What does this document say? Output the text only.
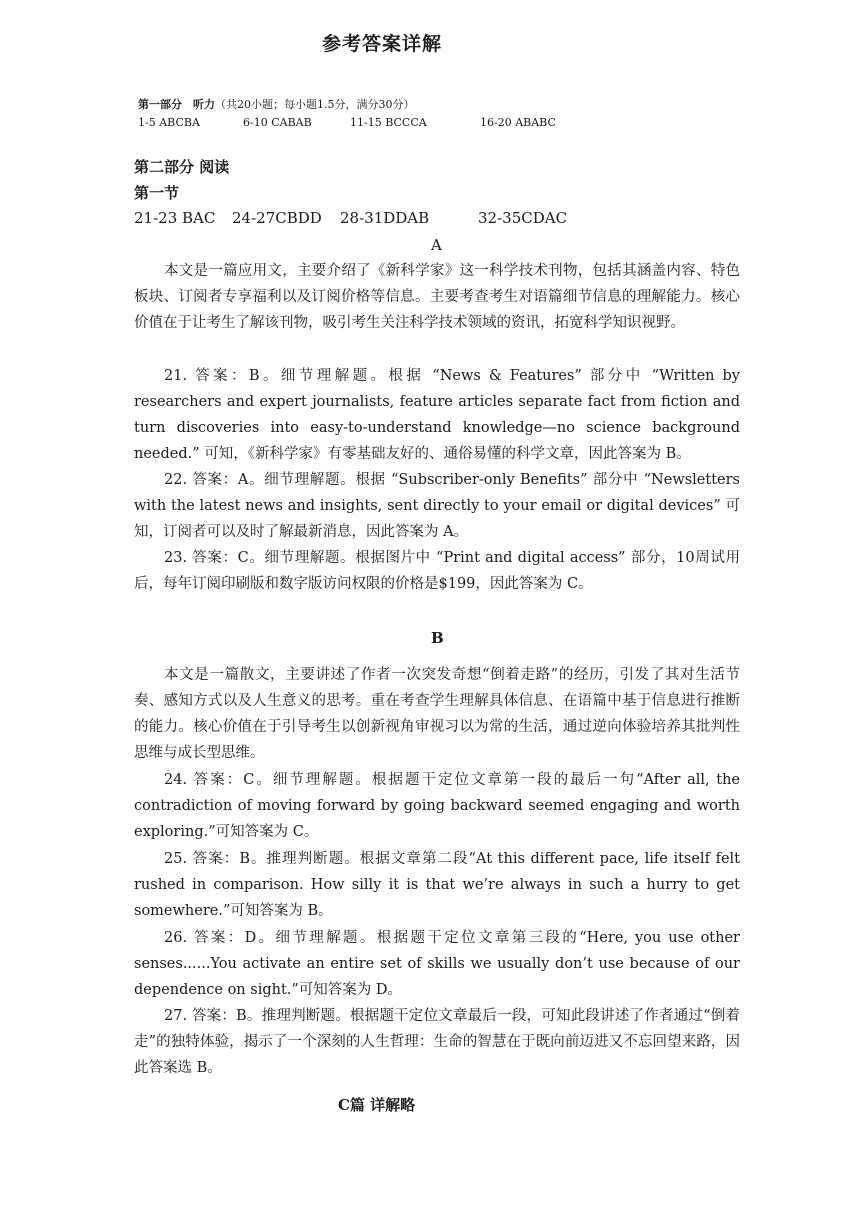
参考答案详解
第一部分　听力（共20小题；每小题1.5分，满分30分）
1-5 ABCBA	6-10 CABAB	11-15 BCCCA	16-20 ABABC
第二部分 阅读
第一节
21-23 BAC 24-27CBDD 28-31DDAB	32-35CDAC
A
本文是一篇应用文，主要介绍了《新科学家》这一科学技术刊物，包括其涵盖内容、特色板块、订阅者专享福利以及订阅价格等信息。主要考查考生对语篇细节信息的理解能力。核心价值在于让考生了解该刊物，吸引考生关注科学技术领域的资讯，拓宽科学知识视野。
21. 答案：B。细节理解题。根据 “News & Features” 部分中 “Written by researchers and expert journalists, feature articles separate fact from fiction and turn discoveries into easy-to-understand knowledge—no science background needed.” 可知，《新科学家》有零基础友好的、通俗易懂的科学文章，因此答案为 B。
22. 答案：A。细节理解题。根据 “Subscriber-only Benefits” 部分中 “Newsletters with the latest news and insights, sent directly to your email or digital devices” 可知，订阅者可以及时了解最新消息，因此答案为 A。
23. 答案：C。细节理解题。根据图片中 “Print and digital access” 部分，10周试用后，每年订阅印刷版和数字版访问权限的价格是$199，因此答案为 C。
B
本文是一篇散文，主要讲述了作者一次突发奇想“倒着走路”的经历，引发了其对生活节奏、感知方式以及人生意义的思考。重在考查学生理解具体信息、在语篇中基于信息进行推断的能力。核心价值在于引导考生以创新视角审视习以为常的生活，通过逆向体验培养其批判性思维与成长型思维。
24. 答案：C。细节理解题。根据题干定位文章第一段的最后一句“After all, the contradiction of moving forward by going backward seemed engaging and worth exploring.”可知答案为 C。
25. 答案：B。推理判断题。根据文章第二段“At this different pace, life itself felt rushed in comparison. How silly it is that we’re always in such a hurry to get somewhere.”可知答案为 B。
26. 答案：D。细节理解题。根据题干定位文章第三段的“Here, you use other senses......You activate an entire set of skills we usually don’t use because of our dependence on sight.”可知答案为 D。
27. 答案：B。推理判断题。根据题干定位文章最后一段，可知此段讲述了作者通过“倒着走”的独特体验，揭示了一个深刻的人生哲理：生命的智慧在于既向前迈进又不忘回望来路，因此答案选 B。
C篇 详解略
